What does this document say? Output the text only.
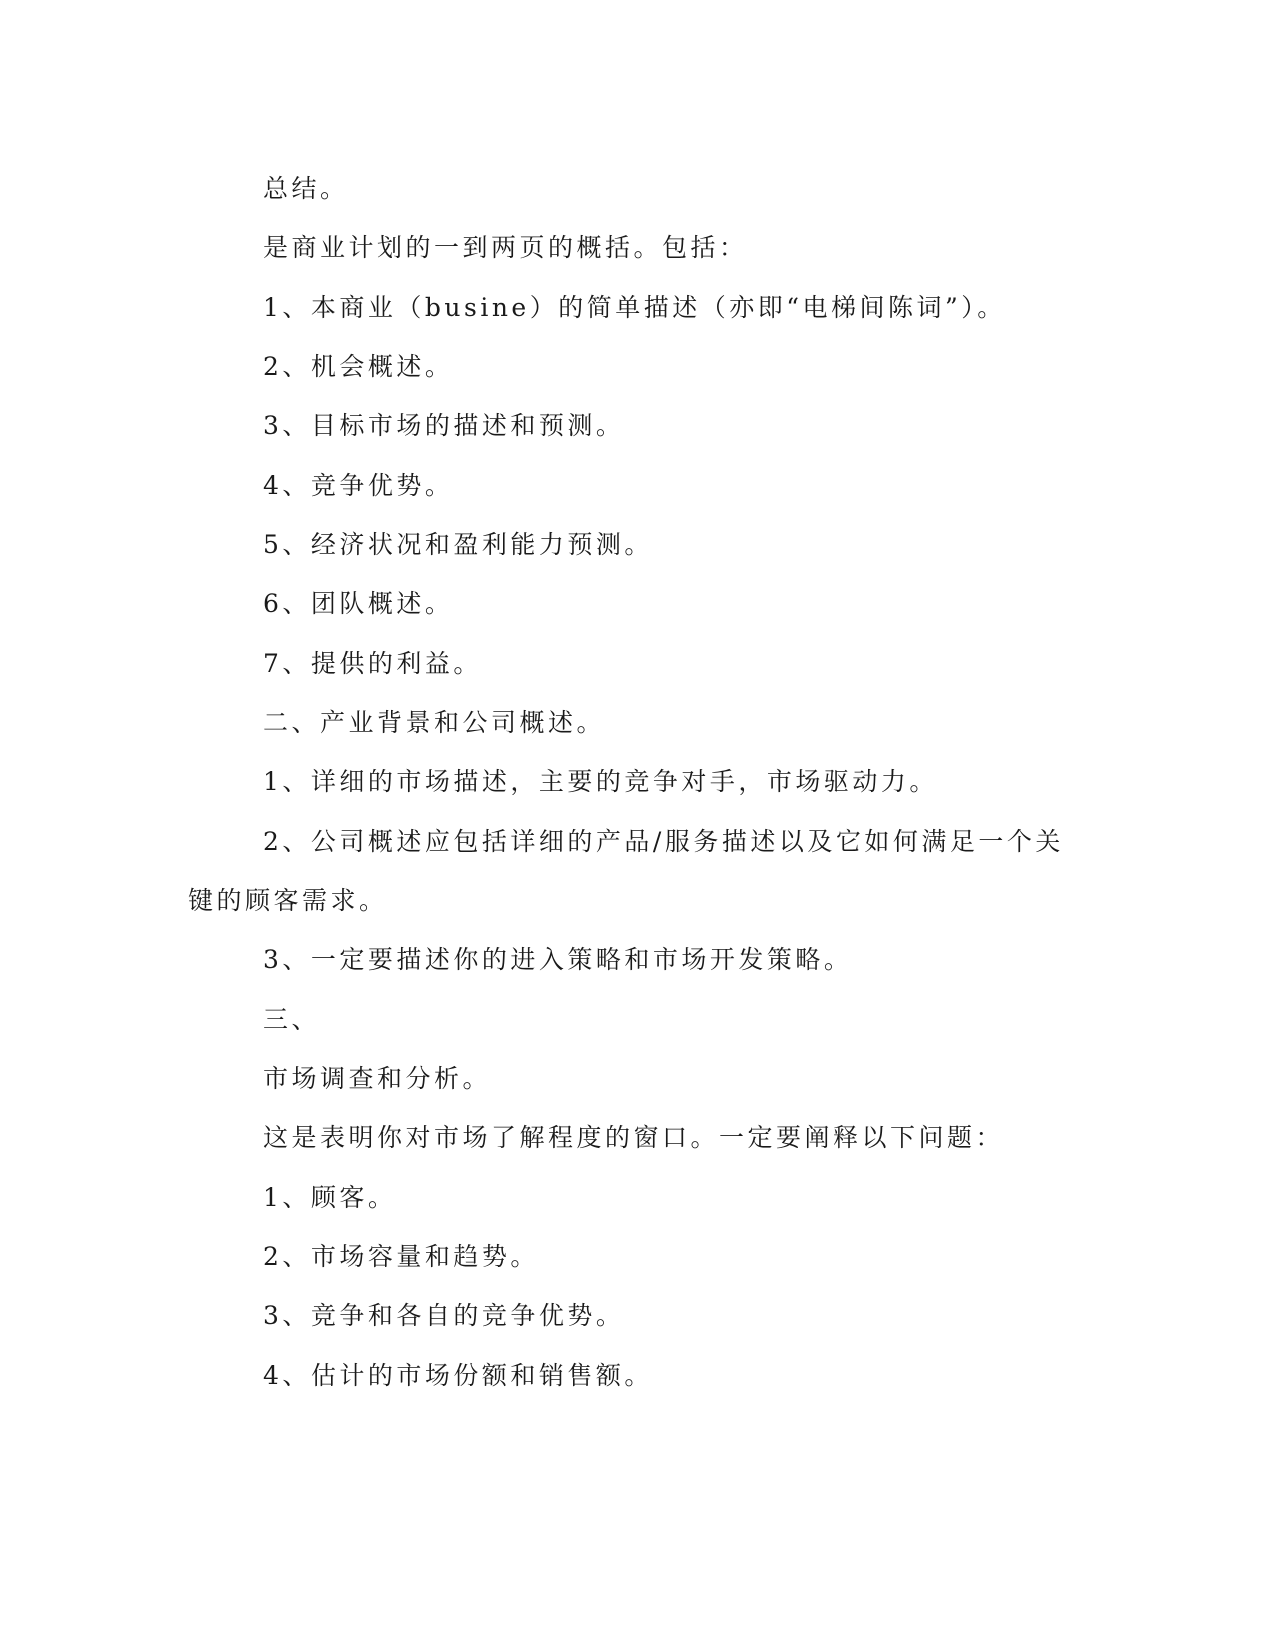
总结。

是商业计划的一到两页的概括。包括：

1、本商业（busine）的简单描述（亦即“电梯间陈词”）。

2、机会概述。

3、目标市场的描述和预测。

4、竞争优势。

5、经济状况和盈利能力预测。

6、团队概述。

7、提供的利益。

二、产业背景和公司概述。

1、详细的市场描述，主要的竞争对手，市场驱动力。

2、公司概述应包括详细的产品/服务描述以及它如何满足一个关

键的顾客需求。

3、一定要描述你的进入策略和市场开发策略。

三、

市场调查和分析。

这是表明你对市场了解程度的窗口。一定要阐释以下问题：

1、顾客。

2、市场容量和趋势。

3、竞争和各自的竞争优势。

4、估计的市场份额和销售额。
